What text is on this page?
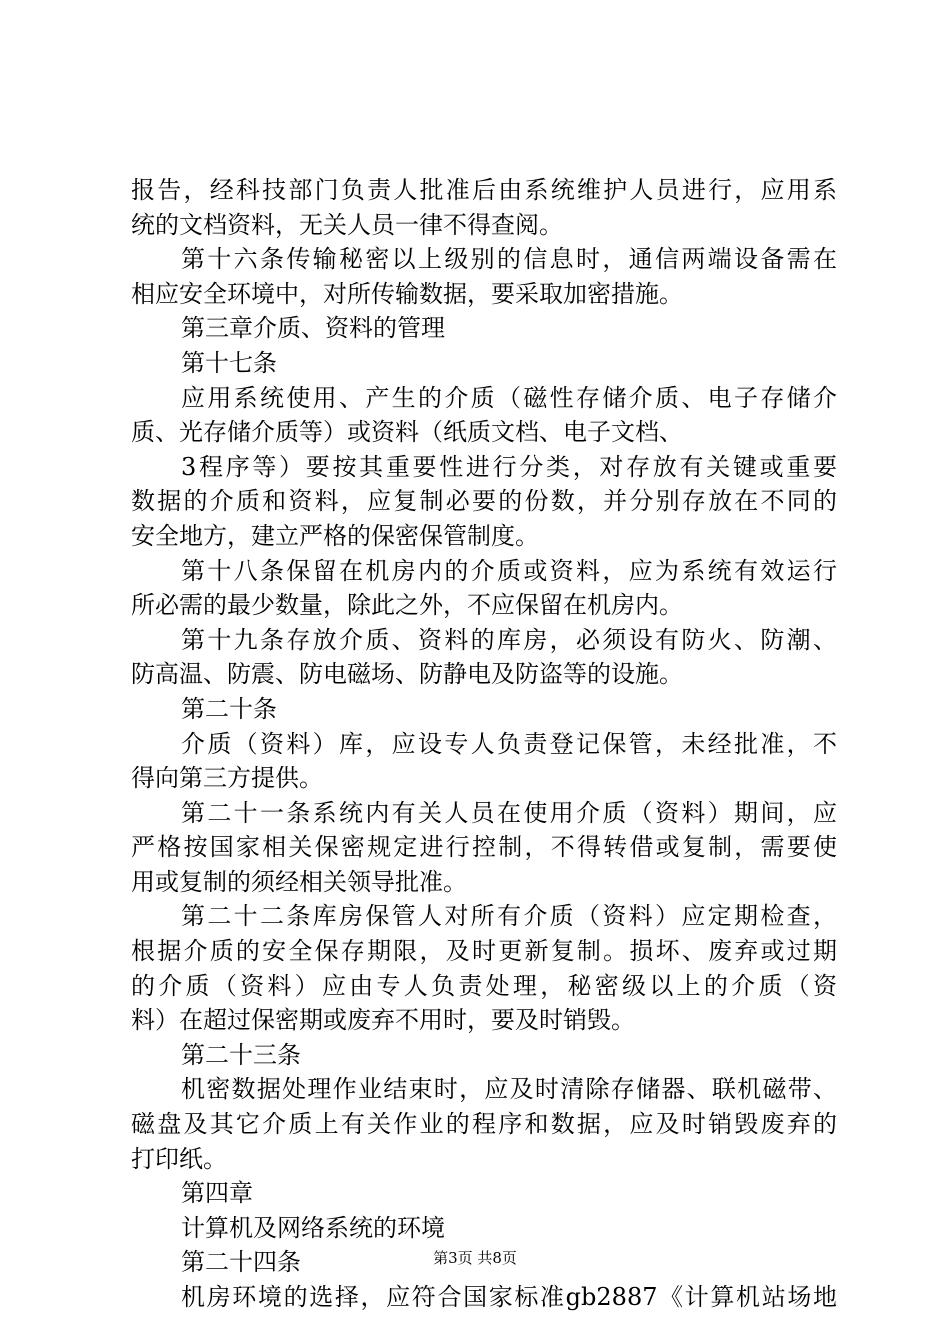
报告，经科技部门负责人批准后由系统维护人员进行，应用系
统的文档资料，无关人员一律不得查阅。
第十六条传输秘密以上级别的信息时，通信两端设备需在
相应安全环境中，对所传输数据，要采取加密措施。
第三章介质、资料的管理
第十七条
应用系统使用、产生的介质（磁性存储介质、电子存储介
质、光存储介质等）或资料（纸质文档、电子文档、
3程序等）要按其重要性进行分类，对存放有关键或重要
数据的介质和资料，应复制必要的份数，并分别存放在不同的
安全地方，建立严格的保密保管制度。
第十八条保留在机房内的介质或资料，应为系统有效运行
所必需的最少数量，除此之外，不应保留在机房内。
第十九条存放介质、资料的库房，必须设有防火、防潮、
防高温、防震、防电磁场、防静电及防盗等的设施。
第二十条
介质（资料）库，应设专人负责登记保管，未经批准，不
得向第三方提供。
第二十一条系统内有关人员在使用介质（资料）期间，应
严格按国家相关保密规定进行控制，不得转借或复制，需要使
用或复制的须经相关领导批准。
第二十二条库房保管人对所有介质（资料）应定期检查，
根据介质的安全保存期限，及时更新复制。损坏、废弃或过期
的介质（资料）应由专人负责处理，秘密级以上的介质（资
料）在超过保密期或废弃不用时，要及时销毁。
第二十三条
机密数据处理作业结束时，应及时清除存储器、联机磁带、
磁盘及其它介质上有关作业的程序和数据，应及时销毁废弃的
打印纸。
第四章
计算机及网络系统的环境
第二十四条
机房环境的选择，应符合国家标准gb2887《计算机站场地
第3页 共8页
